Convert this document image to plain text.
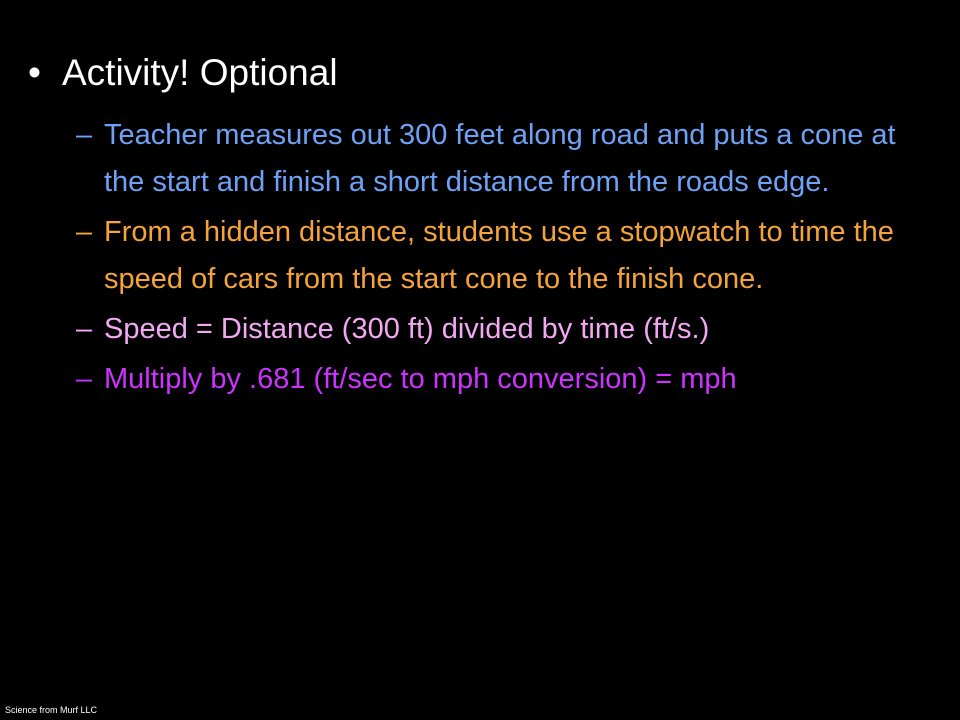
• Activity! Optional
– Teacher measures out 300 feet along road and puts a cone at the start and finish a short distance from the roads edge.
– From a hidden distance, students use a stopwatch to time the speed of cars from the start cone to the finish cone.
– Speed = Distance (300 ft) divided by time (ft/s.)
– Multiply by .681 (ft/sec to mph conversion) = mph
Science from Murf LLC
